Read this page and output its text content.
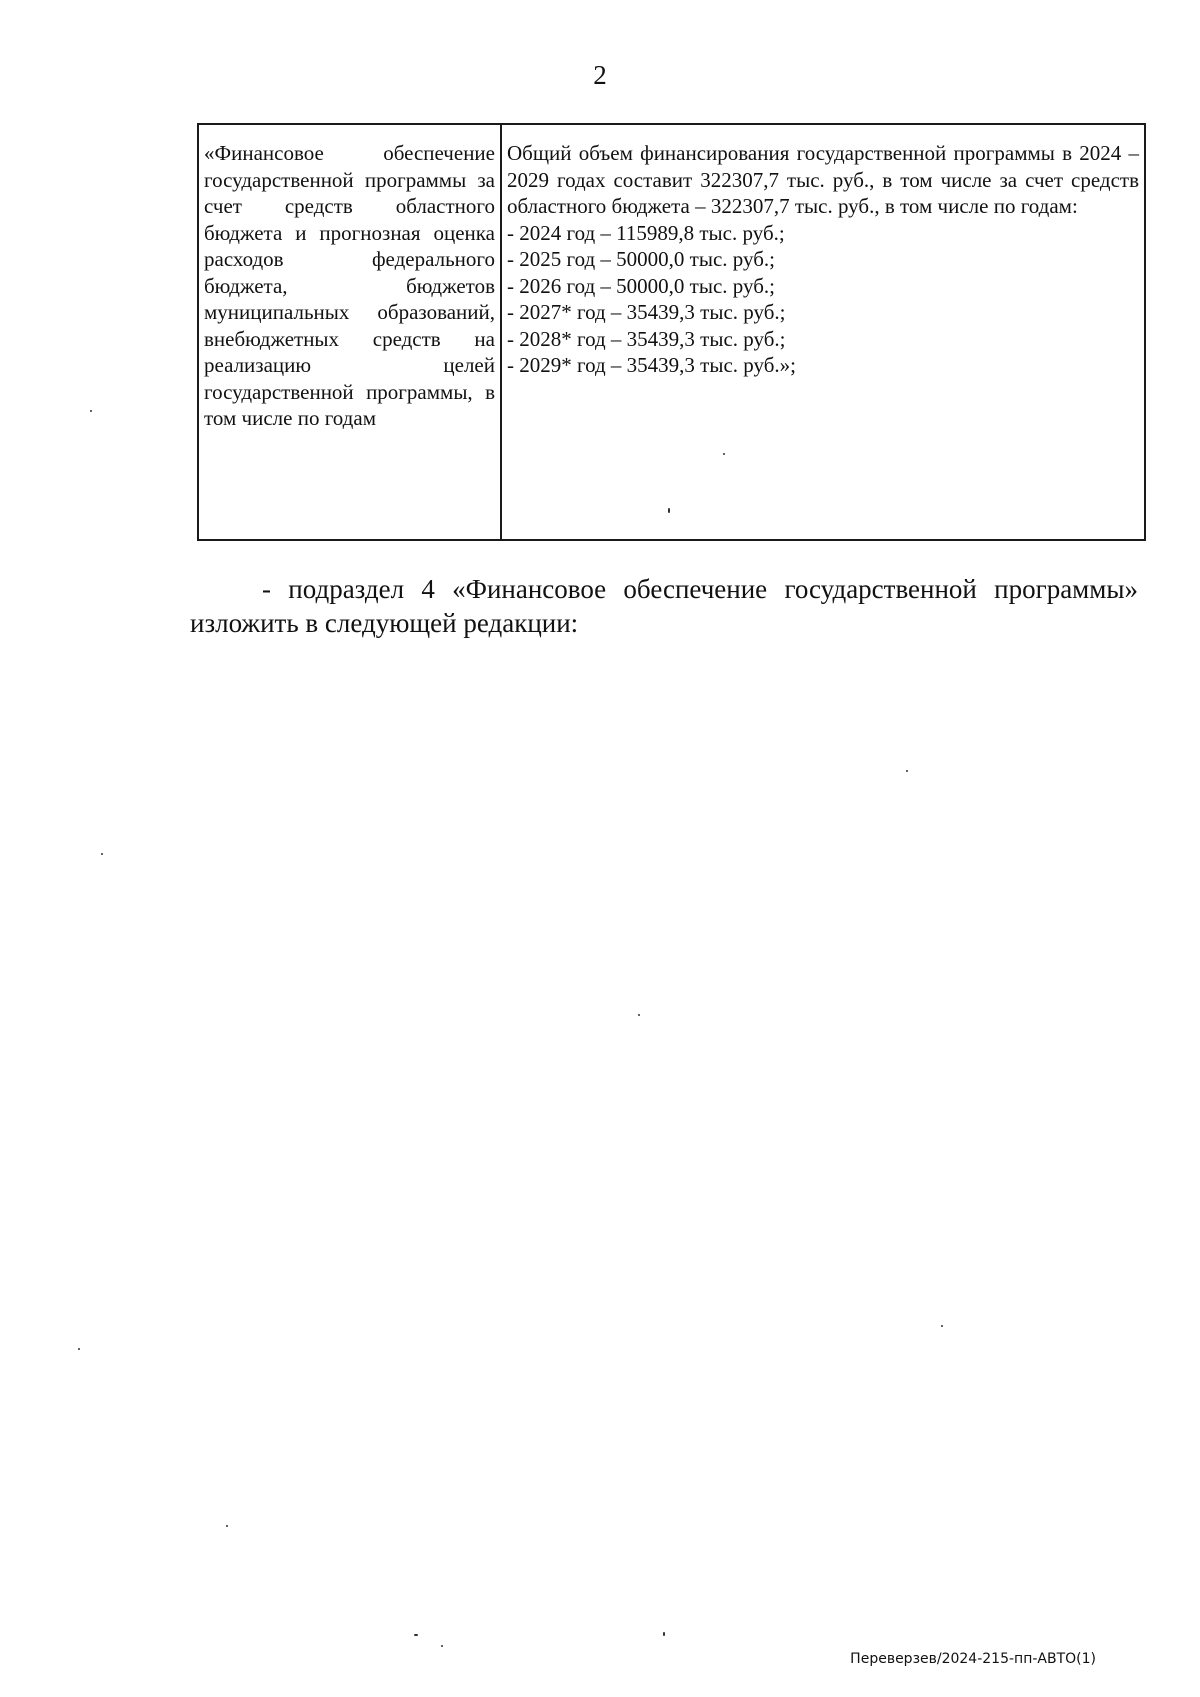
2
«Финансовое обеспечение государственной программы за счет средств областного бюджета и прогнозная оценка расходов федерального бюджета, бюджетов муниципальных образований, внебюджетных средств на реализацию целей государственной программы, в том числе по годам	Общий объем финансирования государственной программы в 2024 – 2029 годах составит 322307,7 тыс. руб., в том числе за счет средств областного бюджета – 322307,7 тыс. руб., в том числе по годам:
- 2024 год – 115989,8 тыс. руб.;
- 2025 год – 50000,0 тыс. руб.;
- 2026 год – 50000,0 тыс. руб.;
- 2027* год – 35439,3 тыс. руб.;
- 2028* год – 35439,3 тыс. руб.;
- 2029* год – 35439,3 тыс. руб.»;
- подраздел 4 «Финансовое обеспечение государственной программы» изложить в следующей редакции:
Переверзев/2024-215-пп-АВТО(1)
